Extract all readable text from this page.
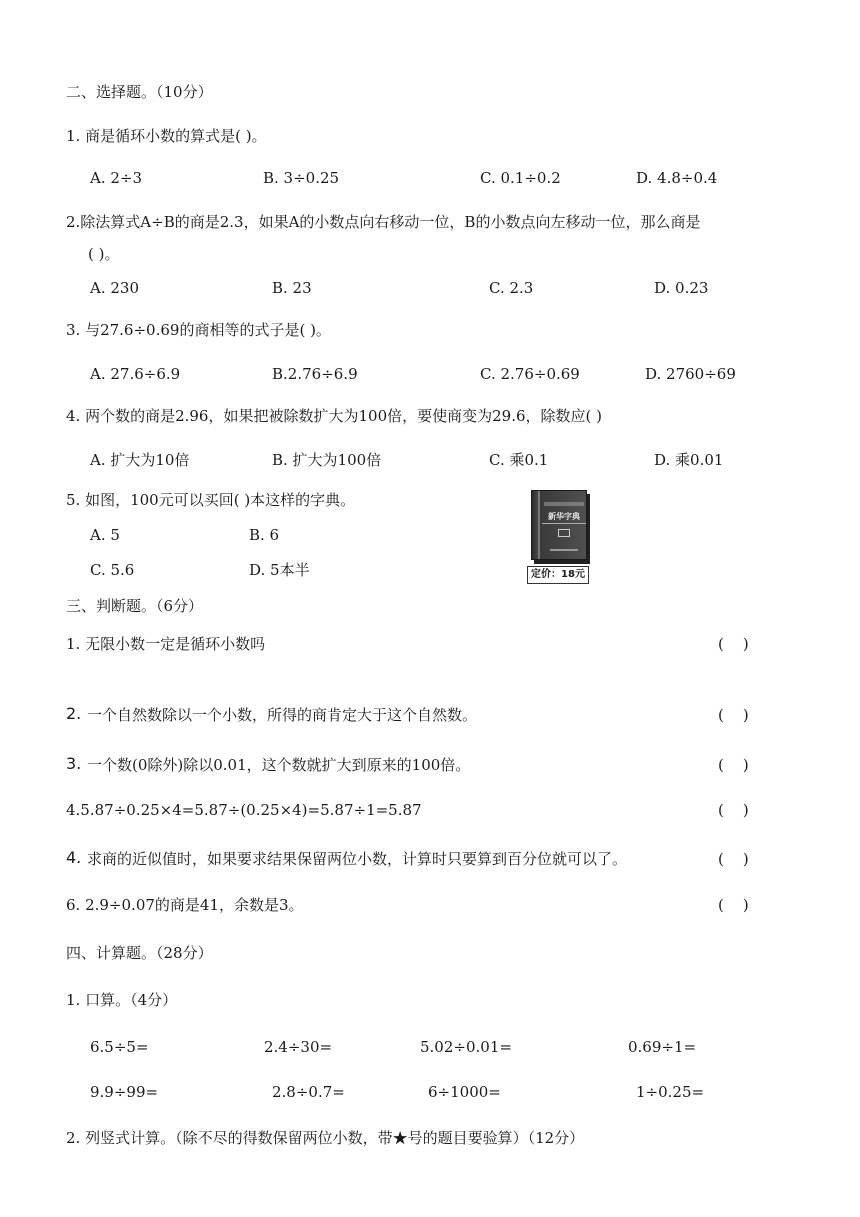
二、选择题。（10分）
1. 商是循环小数的算式是( )。
A. 2÷3	B. 3÷0.25	C. 0.1÷0.2	D. 4.8÷0.4
2.除法算式A÷B的商是2.3，如果A的小数点向右移动一位，B的小数点向左移动一位，那么商是
( )。
A. 230	B. 23	C. 2.3	D. 0.23
3. 与27.6÷0.69的商相等的式子是( )。
A. 27.6÷6.9	B.2.76÷6.9	C. 2.76÷0.69	D. 2760÷69
4. 两个数的商是2.96，如果把被除数扩大为100倍，要使商变为29.6，除数应( )
A. 扩大为10倍	B. 扩大为100倍	C. 乘0.1	D. 乘0.01
5. 如图，100元可以买回( )本这样的字典。
A. 5	B. 6
C. 5.6	D. 5本半
新华字典
定价：18元
三、判断题。（6分）
1. 无限小数一定是循环小数吗	(    )
2. 一个自然数除以一个小数，所得的商肯定大于这个自然数。	(    )
3. 一个数(0除外)除以0.01，这个数就扩大到原来的100倍。	(    )
4.5.87÷0.25×4=5.87÷(0.25×4)=5.87÷1=5.87	(    )
4. 求商的近似值时，如果要求结果保留两位小数，计算时只要算到百分位就可以了。	(    )
6. 2.9÷0.07的商是41，余数是3。	(    )
四、计算题。（28分）
1. 口算。（4分）
6.5÷5=	2.4÷30=	5.02÷0.01=	0.69÷1=
9.9÷99=	2.8÷0.7=	6÷1000=	1÷0.25=
2. 列竖式计算。（除不尽的得数保留两位小数，带★号的题目要验算）（12分）
